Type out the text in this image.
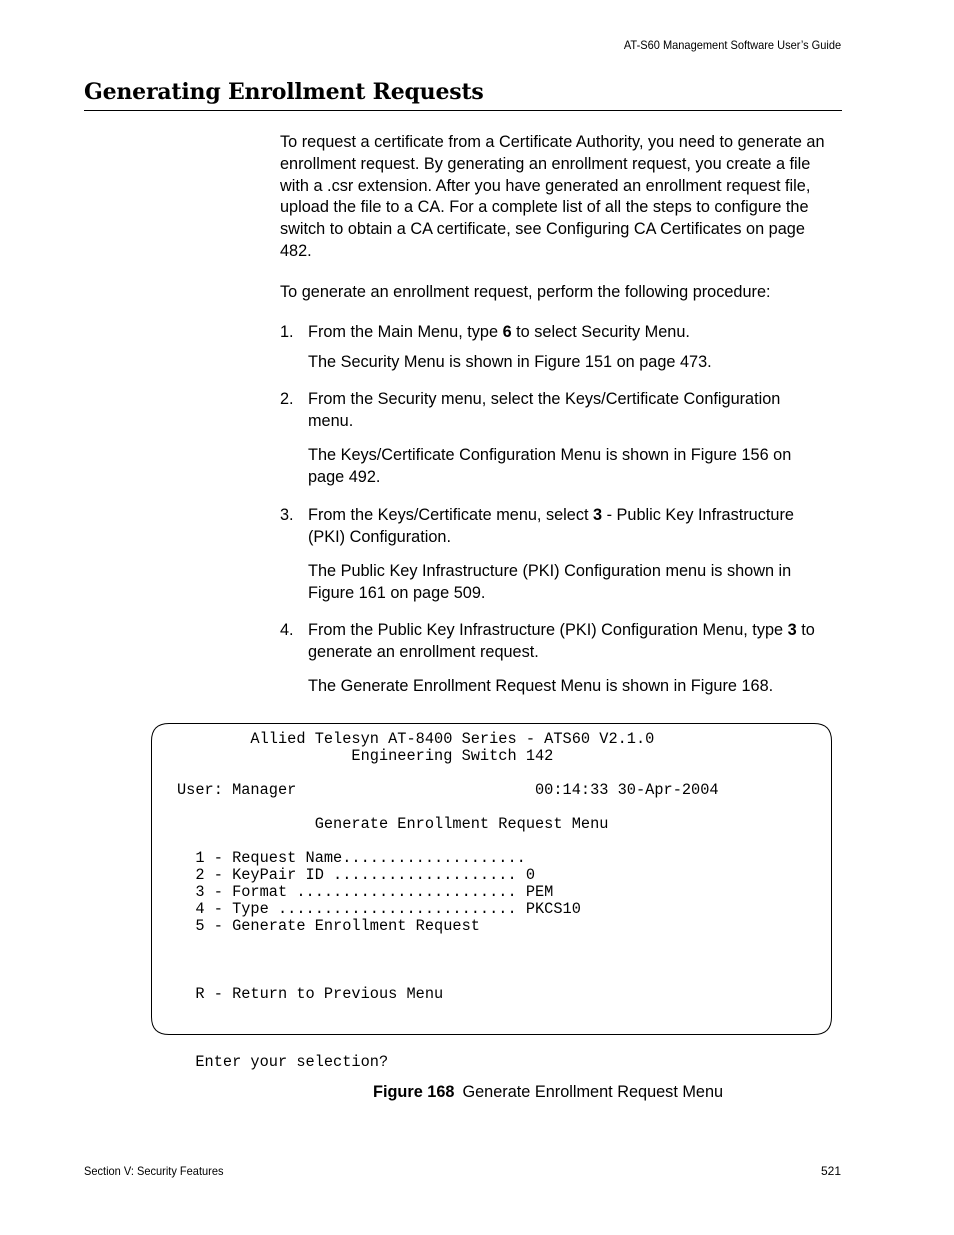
AT-S60 Management Software User’s Guide
Generating Enrollment Requests

To request a certificate from a Certificate Authority, you need to generate an enrollment request. By generating an enrollment request, you create a file with a .csr extension. After you have generated an enrollment request file, upload the file to a CA. For a complete list of all the steps to configure the switch to obtain a CA certificate, see Configuring CA Certificates on page 482.

To generate an enrollment request, perform the following procedure:

1. From the Main Menu, type 6 to select Security Menu.

The Security Menu is shown in Figure 151 on page 473.

2. From the Security menu, select the Keys/Certificate Configuration menu.

The Keys/Certificate Configuration Menu is shown in Figure 156 on page 492.

3. From the Keys/Certificate menu, select 3 - Public Key Infrastructure (PKI) Configuration.

The Public Key Infrastructure (PKI) Configuration menu is shown in Figure 161 on page 509.

4. From the Public Key Infrastructure (PKI) Configuration Menu, type 3 to generate an enrollment request.

The Generate Enrollment Request Menu is shown in Figure 168.

Allied Telesyn AT-8400 Series - ATS60 V2.1.0
Engineering Switch 142

User: Manager                          00:14:33 30-Apr-2004

Generate Enrollment Request Menu

1 - Request Name....................
2 - KeyPair ID .................... 0
3 - Format ........................ PEM
4 - Type .......................... PKCS10
5 - Generate Enrollment Request

R - Return to Previous Menu

Enter your selection?
Figure 168 Generate Enrollment Request Menu
Section V: Security Features	521
